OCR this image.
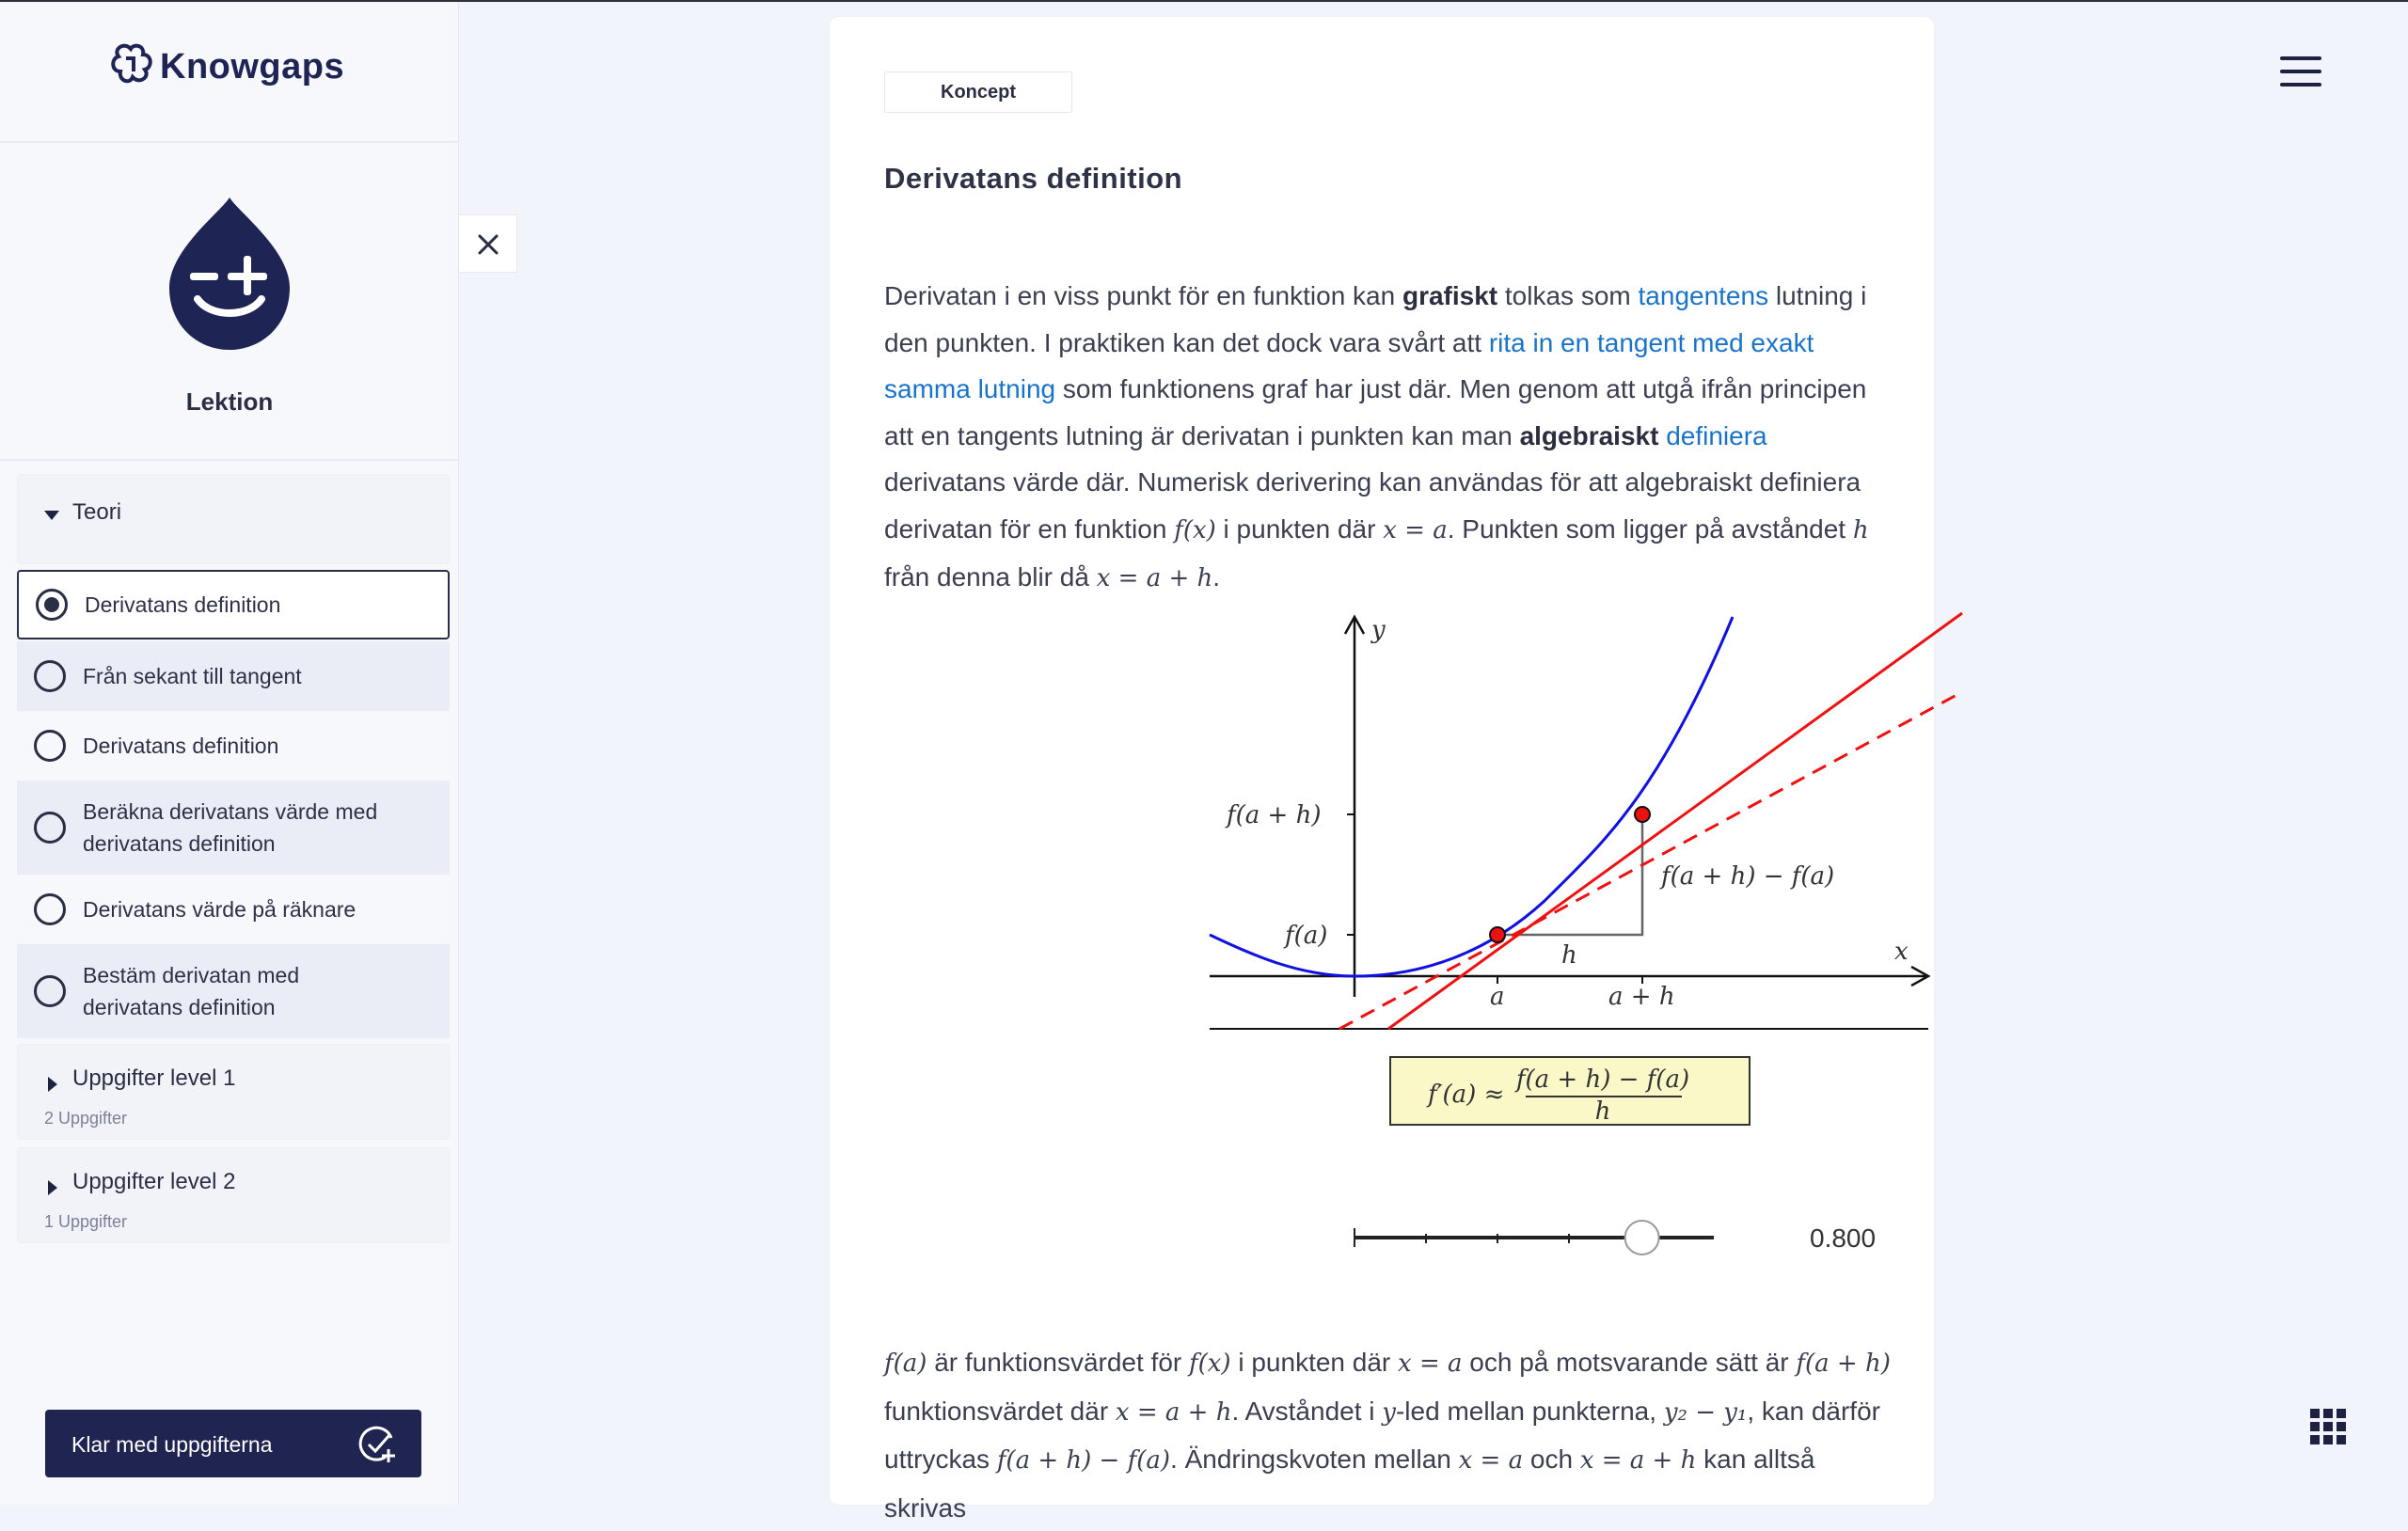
Knowgaps
Lektion
Teori
Derivatans definition
Från sekant till tangent
Derivatans definition
Beräkna derivatans värde med
derivatans definition
Derivatans värde på räknare
Bestäm derivatan med
derivatans definition
Uppgifter level 1
2 Uppgifter
Uppgifter level 2
1 Uppgifter
Klar med uppgifterna
Koncept
Derivatans definition
Derivatan i en viss punkt för en funktion kan grafiskt tolkas som tangentens lutning i den punkten. I praktiken kan det dock vara svårt att rita in en tangent med exakt samma lutning som funktionens graf har just där. Men genom att utgå ifrån principen att en tangents lutning är derivatan i punkten kan man algebraiskt definiera derivatans värde där. Numerisk derivering kan användas för att algebraiskt definiera derivatan för en funktion f(x) i punkten där x = a. Punkten som ligger på avståndet h från denna blir då x = a + h.
y
x
f(a + h)
f(a)
a	a + h
h
f(a + h) − f(a)
f′(a) ≈
f(a + h) − f(a)
h
0.800
f(a) är funktionsvärdet för f(x) i punkten där x = a och på motsvarande sätt är f(a + h) funktionsvärdet där x = a + h. Avståndet i y-led mellan punkterna, y₂ − y₁, kan därför uttryckas f(a + h) − f(a). Ändringskvoten mellan x = a och x = a + h kan alltså skrivas
